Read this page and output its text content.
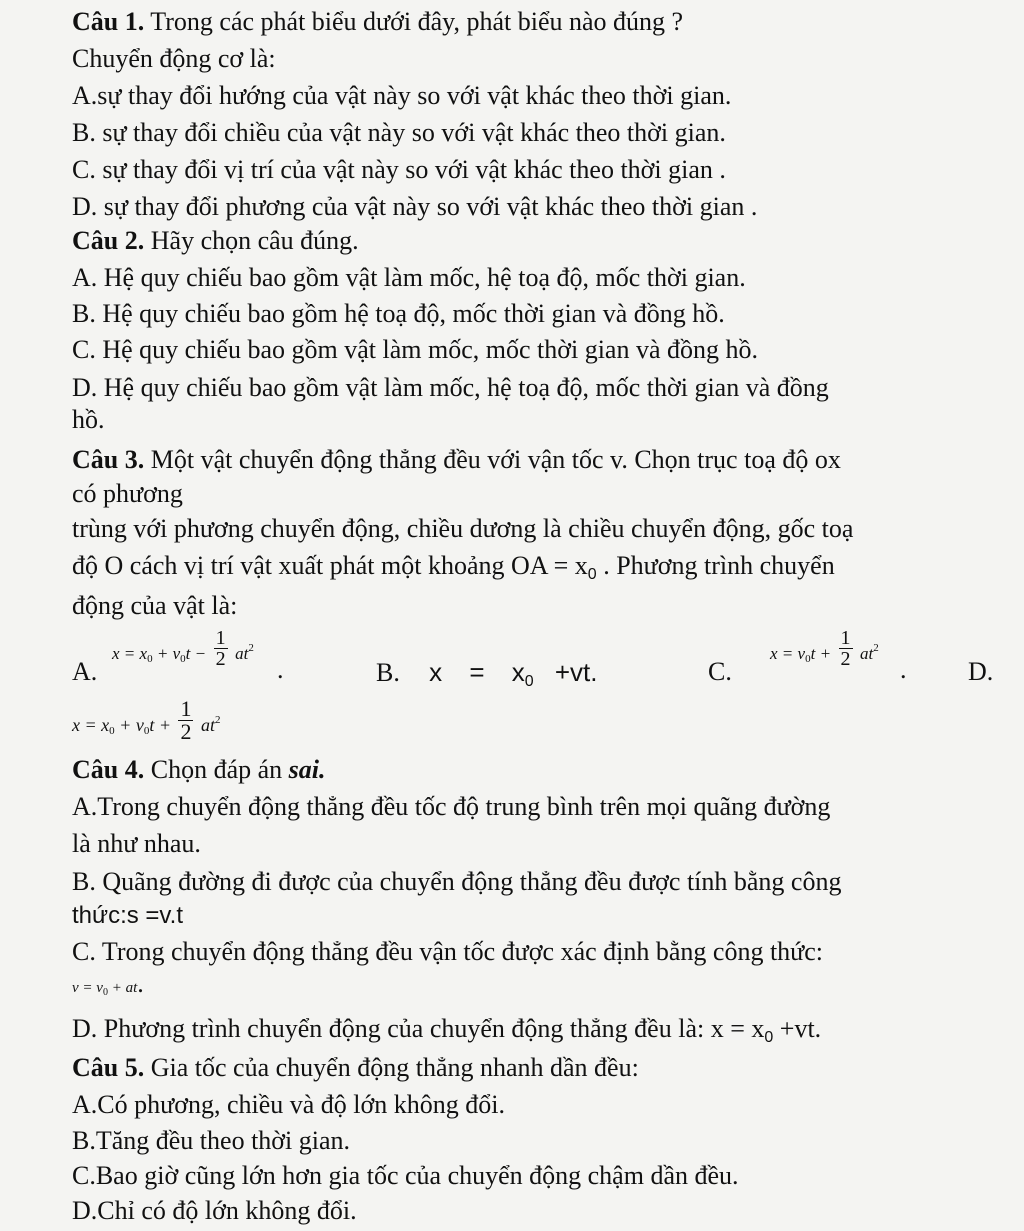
Câu 1. Trong các phát biểu dưới đây, phát biểu nào đúng ?
Chuyển động cơ là:
A.sự thay đổi hướng của vật này so với vật khác theo thời gian.
B. sự thay đổi chiều của vật này so với vật khác theo thời gian.
C. sự thay đổi vị trí của vật này so với vật khác theo thời gian .
D. sự thay đổi phương của vật này so với vật khác theo thời gian .
Câu 2. Hãy chọn câu đúng.
A. Hệ quy chiếu bao gồm vật làm mốc, hệ toạ độ, mốc thời gian.
B. Hệ quy chiếu bao gồm hệ toạ độ, mốc thời gian và đồng hồ.
C. Hệ quy chiếu bao gồm vật làm mốc, mốc thời gian và đồng hồ.
D. Hệ quy chiếu bao gồm vật làm mốc, hệ toạ độ, mốc thời gian và đồng
hồ.
Câu 3. Một vật chuyển động thẳng đều với vận tốc v. Chọn trục toạ độ ox
có phương
trùng với phương chuyển động, chiều dương là chiều chuyển động, gốc toạ
độ O cách vị trí vật xuất phát một khoảng OA = x0 . Phương trình chuyển
động của vật là:
A.
$x = x0 + v0t - \frac{1}{2} at^2$
.	B. x = x0 +vt.	C.
$x = v0t + \frac{1}{2} at^2$
. D.
$x = x0 + v0t + \frac{1}{2} at^2$
Câu 4. Chọn đáp án sai.
A.Trong chuyển động thẳng đều tốc độ trung bình trên mọi quãng đường
là như nhau.
B. Quãng đường đi được của chuyển động thẳng đều được tính bằng công
thức:s =v.t
C. Trong chuyển động thẳng đều vận tốc được xác định bằng công thức:
$v = v_0$ + at.
D. Phương trình chuyển động của chuyển động thẳng đều là: x = x0 +vt.
Câu 5. Gia tốc của chuyển động thẳng nhanh dần đều:
A.Có phương, chiều và độ lớn không đổi.
B.Tăng đều theo thời gian.
C.Bao giờ cũng lớn hơn gia tốc của chuyển động chậm dần đều.
D.Chỉ có độ lớn không đổi.
